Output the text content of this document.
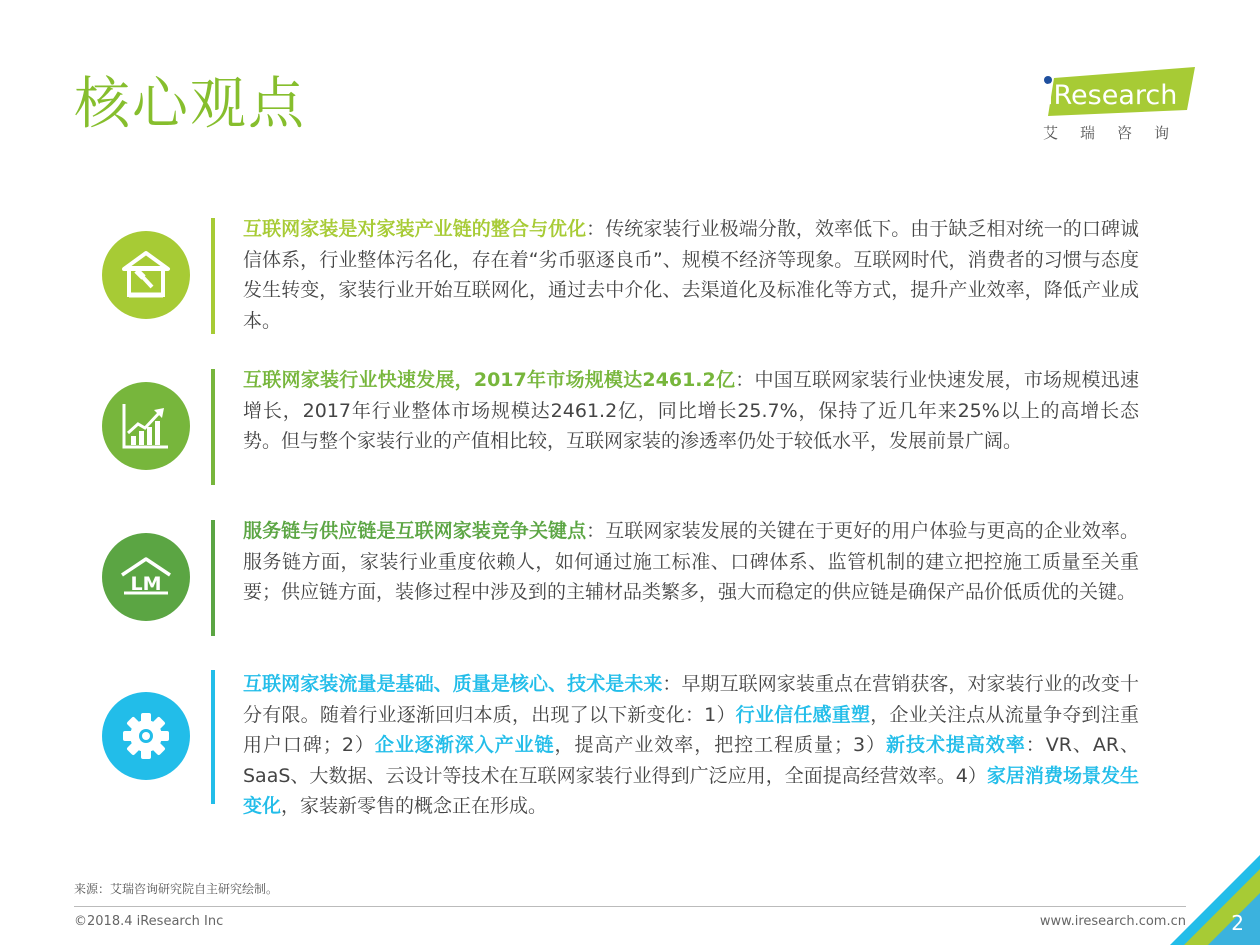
核心观点	iResearch
艾瑞咨询
互联网家装是对家装产业链的整合与优化：传统家装行业极端分散，效率低下。由于缺乏相对统一的口碑诚信体系，行业整体污名化，存在着“劣币驱逐良币”、规模不经济等现象。互联网时代，消费者的习惯与态度发生转变，家装行业开始互联网化，通过去中介化、去渠道化及标准化等方式，提升产业效率，降低产业成本。
互联网家装行业快速发展，2017年市场规模达2461.2亿：中国互联网家装行业快速发展，市场规模迅速增长，2017年行业整体市场规模达2461.2亿，同比增长25.7%，保持了近几年来25%以上的高增长态势。但与整个家装行业的产值相比较，互联网家装的渗透率仍处于较低水平，发展前景广阔。
LM
服务链与供应链是互联网家装竞争关键点：互联网家装发展的关键在于更好的用户体验与更高的企业效率。服务链方面，家装行业重度依赖人，如何通过施工标准、口碑体系、监管机制的建立把控施工质量至关重要；供应链方面，装修过程中涉及到的主辅材品类繁多，强大而稳定的供应链是确保产品价低质优的关键。
互联网家装流量是基础、质量是核心、技术是未来：早期互联网家装重点在营销获客，对家装行业的改变十分有限。随着行业逐渐回归本质，出现了以下新变化：1）行业信任感重塑，企业关注点从流量争夺到注重用户口碑；2）企业逐渐深入产业链，提高产业效率，把控工程质量；3）新技术提高效率：VR、AR、SaaS、大数据、云设计等技术在互联网家装行业得到广泛应用，全面提高经营效率。4）家居消费场景发生变化，家装新零售的概念正在形成。
来源：艾瑞咨询研究院自主研究绘制。
©2018.4 iResearch Inc	www.iresearch.com.cn 2
